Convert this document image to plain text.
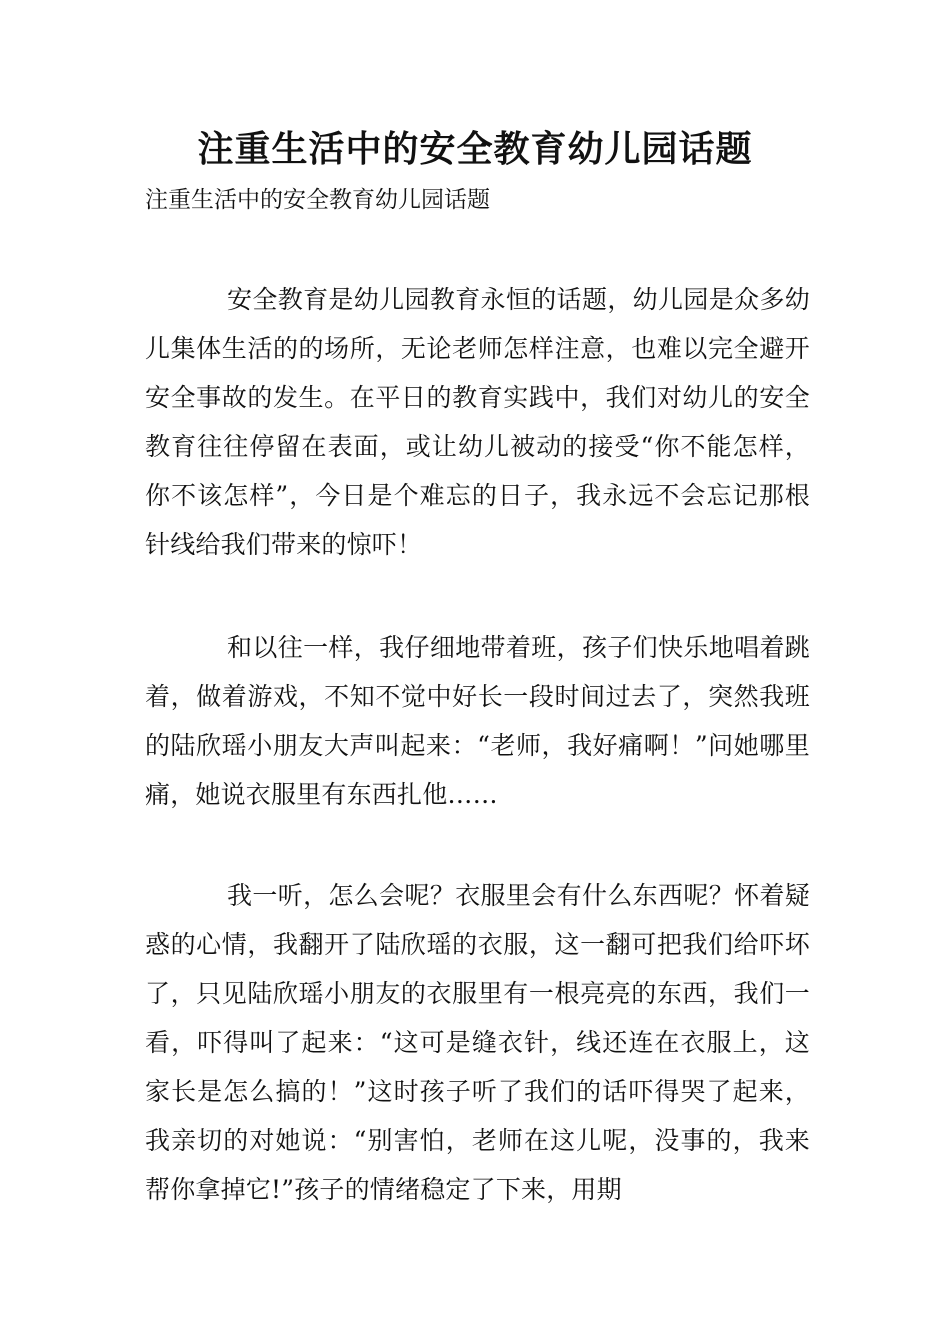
注重生活中的安全教育幼儿园话题

注重生活中的安全教育幼儿园话题

安全教育是幼儿园教育永恒的话题，幼儿园是众多幼儿集体生活的的场所，无论老师怎样注意，也难以完全避开安全事故的发生。在平日的教育实践中，我们对幼儿的安全教育往往停留在表面，或让幼儿被动的接受“你不能怎样，你不该怎样”，今日是个难忘的日子，我永远不会忘记那根针线给我们带来的惊吓！

和以往一样，我仔细地带着班，孩子们快乐地唱着跳着，做着游戏，不知不觉中好长一段时间过去了，突然我班的陆欣瑶小朋友大声叫起来：“老师，我好痛啊！”问她哪里痛，她说衣服里有东西扎他……

我一听，怎么会呢？衣服里会有什么东西呢？怀着疑惑的心情，我翻开了陆欣瑶的衣服，这一翻可把我们给吓坏了，只见陆欣瑶小朋友的衣服里有一根亮亮的东西，我们一看，吓得叫了起来：“这可是缝衣针，线还连在衣服上，这家长是怎么搞的！”这时孩子听了我们的话吓得哭了起来，我亲切的对她说：“别害怕，老师在这儿呢，没事的，我来帮你拿掉它!”孩子的情绪稳定了下来，用期
